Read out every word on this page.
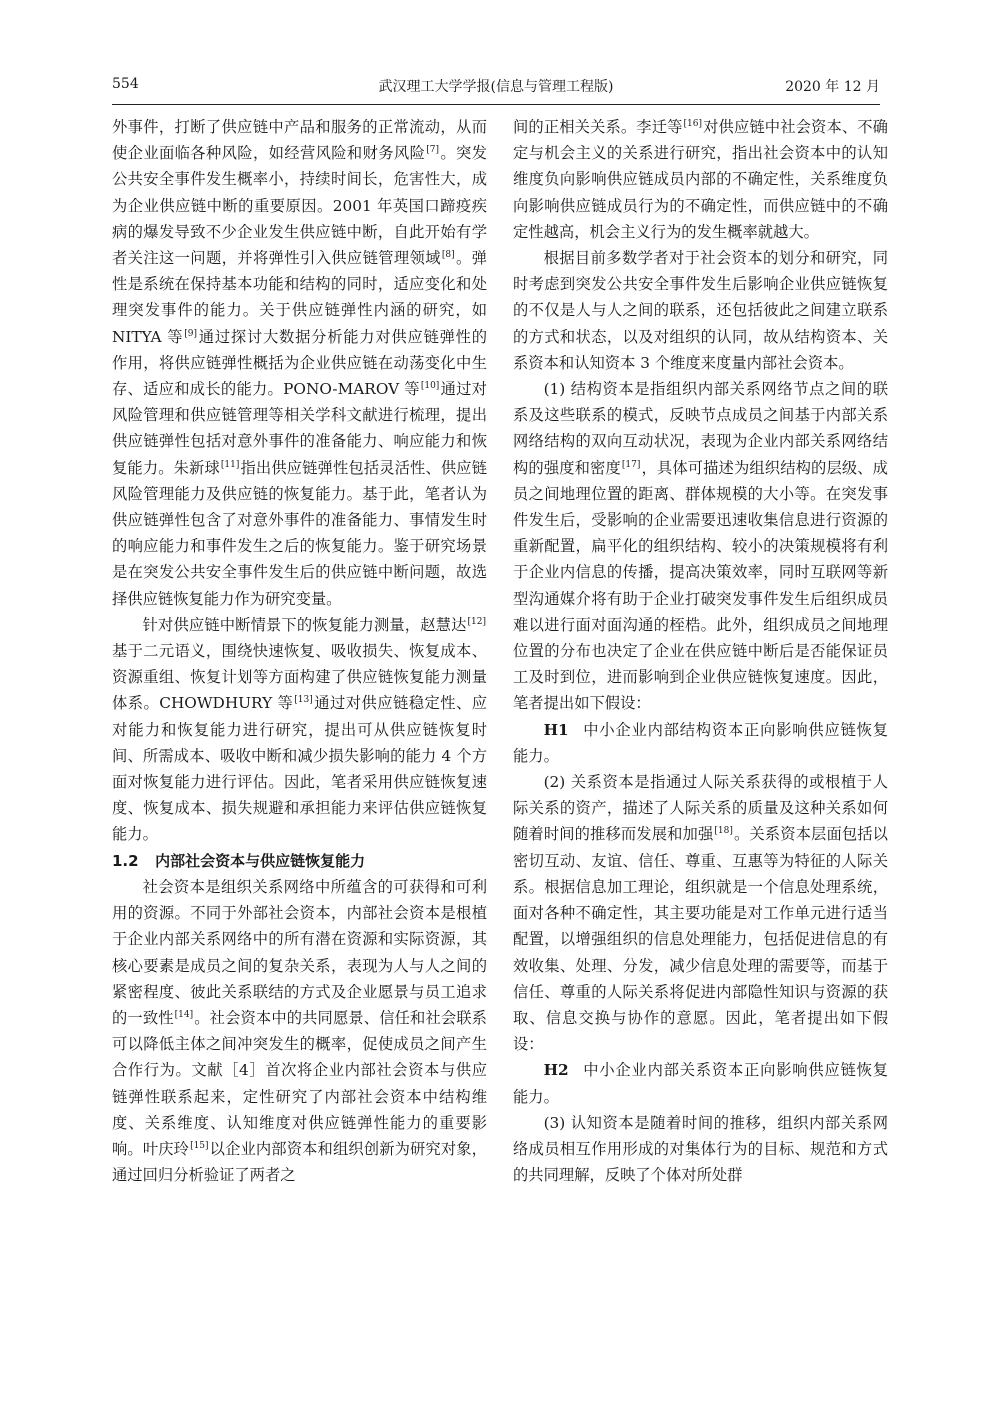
554	武汉理工大学学报(信息与管理工程版)	2020 年 12 月

外事件，打断了供应链中产品和服务的正常流动，从而使企业面临各种风险，如经营风险和财务风险[7]。突发公共安全事件发生概率小，持续时间长，危害性大，成为企业供应链中断的重要原因。2001 年英国口蹄疫疾病的爆发导致不少企业发生供应链中断，自此开始有学者关注这一问题，并将弹性引入供应链管理领域[8]。弹性是系统在保持基本功能和结构的同时，适应变化和处理突发事件的能力。关于供应链弹性内涵的研究，如 NITYA 等[9]通过探讨大数据分析能力对供应链弹性的作用，将供应链弹性概括为企业供应链在动荡变化中生存、适应和成长的能力。PONO-MAROV 等[10]通过对风险管理和供应链管理等相关学科文献进行梳理，提出供应链弹性包括对意外事件的准备能力、响应能力和恢复能力。朱新球[11]指出供应链弹性包括灵活性、供应链风险管理能力及供应链的恢复能力。基于此，笔者认为供应链弹性包含了对意外事件的准备能力、事情发生时的响应能力和事件发生之后的恢复能力。鉴于研究场景是在突发公共安全事件发生后的供应链中断问题，故选择供应链恢复能力作为研究变量。

针对供应链中断情景下的恢复能力测量，赵慧达[12]基于二元语义，围绕快速恢复、吸收损失、恢复成本、资源重组、恢复计划等方面构建了供应链恢复能力测量体系。CHOWDHURY 等[13]通过对供应链稳定性、应对能力和恢复能力进行研究，提出可从供应链恢复时间、所需成本、吸收中断和减少损失影响的能力 4 个方面对恢复能力进行评估。因此，笔者采用供应链恢复速度、恢复成本、损失规避和承担能力来评估供应链恢复能力。

1.2 内部社会资本与供应链恢复能力

社会资本是组织关系网络中所蕴含的可获得和可利用的资源。不同于外部社会资本，内部社会资本是根植于企业内部关系网络中的所有潜在资源和实际资源，其核心要素是成员之间的复杂关系，表现为人与人之间的紧密程度、彼此关系联结的方式及企业愿景与员工追求的一致性[14]。社会资本中的共同愿景、信任和社会联系可以降低主体之间冲突发生的概率，促使成员之间产生合作行为。文献［4］首次将企业内部社会资本与供应链弹性联系起来，定性研究了内部社会资本中结构维度、关系维度、认知维度对供应链弹性能力的重要影响。叶庆玲[15]以企业内部资本和组织创新为研究对象，通过回归分析验证了两者之

间的正相关关系。李迁等[16]对供应链中社会资本、不确定与机会主义的关系进行研究，指出社会资本中的认知维度负向影响供应链成员内部的不确定性，关系维度负向影响供应链成员行为的不确定性，而供应链中的不确定性越高，机会主义行为的发生概率就越大。

根据目前多数学者对于社会资本的划分和研究，同时考虑到突发公共安全事件发生后影响企业供应链恢复的不仅是人与人之间的联系，还包括彼此之间建立联系的方式和状态，以及对组织的认同，故从结构资本、关系资本和认知资本 3 个维度来度量内部社会资本。

(1) 结构资本是指组织内部关系网络节点之间的联系及这些联系的模式，反映节点成员之间基于内部关系网络结构的双向互动状况，表现为企业内部关系网络结构的强度和密度[17]，具体可描述为组织结构的层级、成员之间地理位置的距离、群体规模的大小等。在突发事件发生后，受影响的企业需要迅速收集信息进行资源的重新配置，扁平化的组织结构、较小的决策规模将有利于企业内信息的传播，提高决策效率，同时互联网等新型沟通媒介将有助于企业打破突发事件发生后组织成员难以进行面对面沟通的桎梏。此外，组织成员之间地理位置的分布也决定了企业在供应链中断后是否能保证员工及时到位，进而影响到企业供应链恢复速度。因此，笔者提出如下假设：

H1 中小企业内部结构资本正向影响供应链恢复能力。

(2) 关系资本是指通过人际关系获得的或根植于人际关系的资产，描述了人际关系的质量及这种关系如何随着时间的推移而发展和加强[18]。关系资本层面包括以密切互动、友谊、信任、尊重、互惠等为特征的人际关系。根据信息加工理论，组织就是一个信息处理系统，面对各种不确定性，其主要功能是对工作单元进行适当配置，以增强组织的信息处理能力，包括促进信息的有效收集、处理、分发，减少信息处理的需要等，而基于信任、尊重的人际关系将促进内部隐性知识与资源的获取、信息交换与协作的意愿。因此，笔者提出如下假设：

H2 中小企业内部关系资本正向影响供应链恢复能力。

(3) 认知资本是随着时间的推移，组织内部关系网络成员相互作用形成的对集体行为的目标、规范和方式的共同理解，反映了个体对所处群
